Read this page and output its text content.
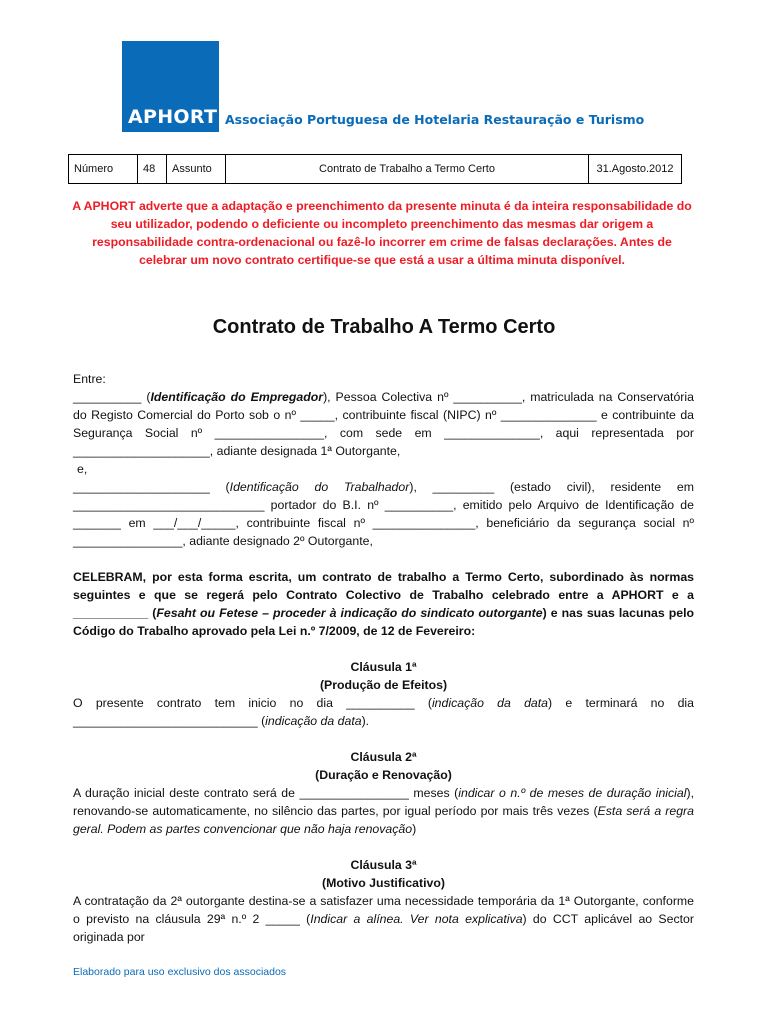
APHORT Associação Portuguesa de Hotelaria Restauração e Turismo
Número	48	Assunto	Contrato de Trabalho a Termo Certo	31.Agosto.2012
A APHORT adverte que a adaptação e preenchimento da presente minuta é da inteira responsabilidade do seu utilizador, podendo o deficiente ou incompleto preenchimento das mesmas dar origem a responsabilidade contra-ordenacional ou fazê-lo incorrer em crime de falsas declarações. Antes de celebrar um novo contrato certifique-se que está a usar a última minuta disponível.
Contrato de Trabalho A Termo Certo

Entre:

__________ (Identificação do Empregador), Pessoa Colectiva nº __________, matriculada na Conservatória do Registo Comercial do Porto sob o nº _____, contribuinte fiscal (NIPC) nº ______________ e contribuinte da Segurança Social nº ________________, com sede em ______________, aqui representada por ____________________, adiante designada 1ª Outorgante,

e,

____________________ (Identificação do Trabalhador), _________ (estado civil), residente em ____________________________ portador do B.I. nº __________, emitido pelo Arquivo de Identificação de _______ em ___/___/_____, contribuinte fiscal nº _______________, beneficiário da segurança social nº ________________, adiante designado 2º Outorgante,

CELEBRAM, por esta forma escrita, um contrato de trabalho a Termo Certo, subordinado às normas seguintes e que se regerá pelo Contrato Colectivo de Trabalho celebrado entre a APHORT e a ___________ (Fesaht ou Fetese – proceder à indicação do sindicato outorgante) e nas suas lacunas pelo Código do Trabalho aprovado pela Lei n.º 7/2009, de 12 de Fevereiro:

Cláusula 1ª

(Produção de Efeitos)

O presente contrato tem inicio no dia __________ (indicação da data) e terminará no dia ___________________________ (indicação da data).

Cláusula 2ª

(Duração e Renovação)

A duração inicial deste contrato será de ________________ meses (indicar o n.º de meses de duração inicial), renovando-se automaticamente, no silêncio das partes, por igual período por mais três vezes (Esta será a regra geral. Podem as partes convencionar que não haja renovação)

Cláusula 3ª

(Motivo Justificativo)

A contratação da 2ª outorgante destina-se a satisfazer uma necessidade temporária da 1ª Outorgante, conforme o previsto na cláusula 29ª n.º 2 _____ (Indicar a alínea. Ver nota explicativa) do CCT aplicável ao Sector originada por

Elaborado para uso exclusivo dos associados
